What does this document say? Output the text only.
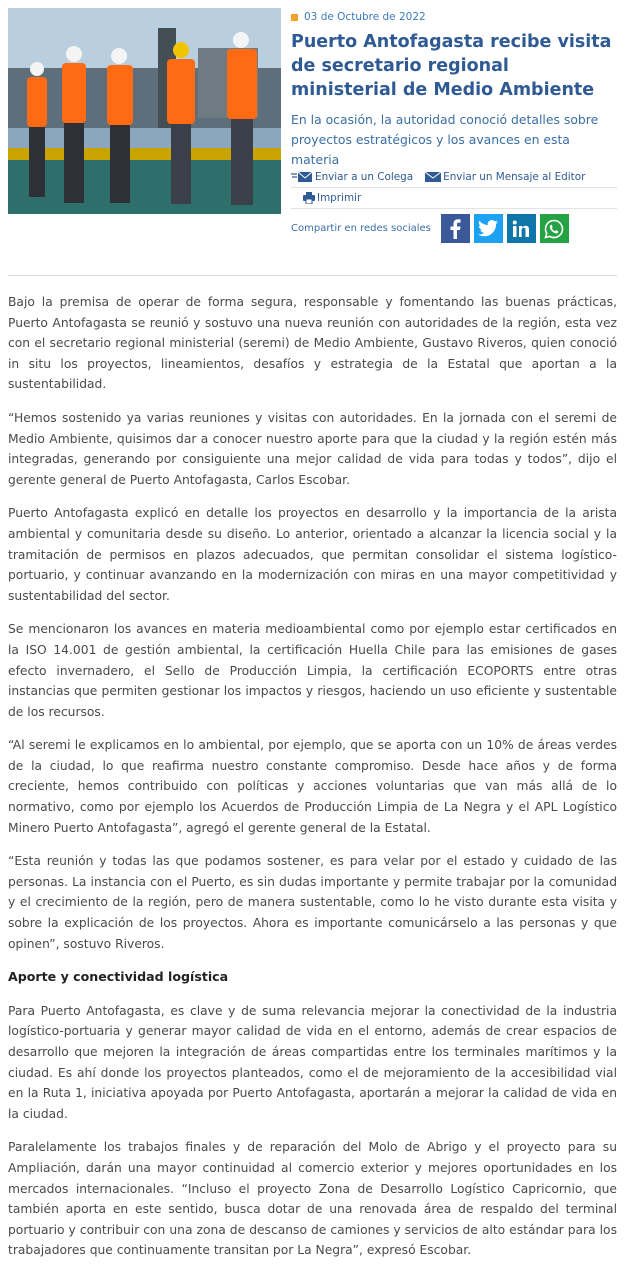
03 de Octubre de 2022
Puerto Antofagasta recibe visita de secretario regional ministerial de Medio Ambiente

En la ocasión, la autoridad conoció detalles sobre proyectos estratégicos y los avances en esta materia

Enviar a un Colega	Enviar un Mensaje al Editor
Imprimir
Compartir en redes sociales

Bajo la premisa de operar de forma segura, responsable y fomentando las buenas prácticas, Puerto Antofagasta se reunió y sostuvo una nueva reunión con autoridades de la región, esta vez con el secretario regional ministerial (seremi) de Medio Ambiente, Gustavo Riveros, quien conoció in situ los proyectos, lineamientos, desafíos y estrategia de la Estatal que aportan a la sustentabilidad.

“Hemos sostenido ya varias reuniones y visitas con autoridades. En la jornada con el seremi de Medio Ambiente, quisimos dar a conocer nuestro aporte para que la ciudad y la región estén más integradas, generando por consiguiente una mejor calidad de vida para todas y todos”, dijo el gerente general de Puerto Antofagasta, Carlos Escobar.

Puerto Antofagasta explicó en detalle los proyectos en desarrollo y la importancia de la arista ambiental y comunitaria desde su diseño. Lo anterior, orientado a alcanzar la licencia social y la tramitación de permisos en plazos adecuados, que permitan consolidar el sistema logístico-portuario, y continuar avanzando en la modernización con miras en una mayor competitividad y sustentabilidad del sector.

Se mencionaron los avances en materia medioambiental como por ejemplo estar certificados en la ISO 14.001 de gestión ambiental, la certificación Huella Chile para las emisiones de gases efecto invernadero, el Sello de Producción Limpia, la certificación ECOPORTS entre otras instancias que permiten gestionar los impactos y riesgos, haciendo un uso eficiente y sustentable de los recursos.

“Al seremi le explicamos en lo ambiental, por ejemplo, que se aporta con un 10% de áreas verdes de la ciudad, lo que reafirma nuestro constante compromiso. Desde hace años y de forma creciente, hemos contribuido con políticas y acciones voluntarias que van más allá de lo normativo, como por ejemplo los Acuerdos de Producción Limpia de La Negra y el APL Logístico Minero Puerto Antofagasta”, agregó el gerente general de la Estatal.

“Esta reunión y todas las que podamos sostener, es para velar por el estado y cuidado de las personas. La instancia con el Puerto, es sin dudas importante y permite trabajar por la comunidad y el crecimiento de la región, pero de manera sustentable, como lo he visto durante esta visita y sobre la explicación de los proyectos. Ahora es importante comunicárselo a las personas y que opinen”, sostuvo Riveros.

Aporte y conectividad logística

Para Puerto Antofagasta, es clave y de suma relevancia mejorar la conectividad de la industria logístico-portuaria y generar mayor calidad de vida en el entorno, además de crear espacios de desarrollo que mejoren la integración de áreas compartidas entre los terminales marítimos y la ciudad. Es ahí donde los proyectos planteados, como el de mejoramiento de la accesibilidad vial en la Ruta 1, iniciativa apoyada por Puerto Antofagasta, aportarán a mejorar la calidad de vida en la ciudad.

Paralelamente los trabajos finales y de reparación del Molo de Abrigo y el proyecto para su Ampliación, darán una mayor continuidad al comercio exterior y mejores oportunidades en los mercados internacionales. “Incluso el proyecto Zona de Desarrollo Logístico Capricornio, que también aporta en este sentido, busca dotar de una renovada área de respaldo del terminal portuario y contribuir con una zona de descanso de camiones y servicios de alto estándar para los trabajadores que continuamente transitan por La Negra”, expresó Escobar.
